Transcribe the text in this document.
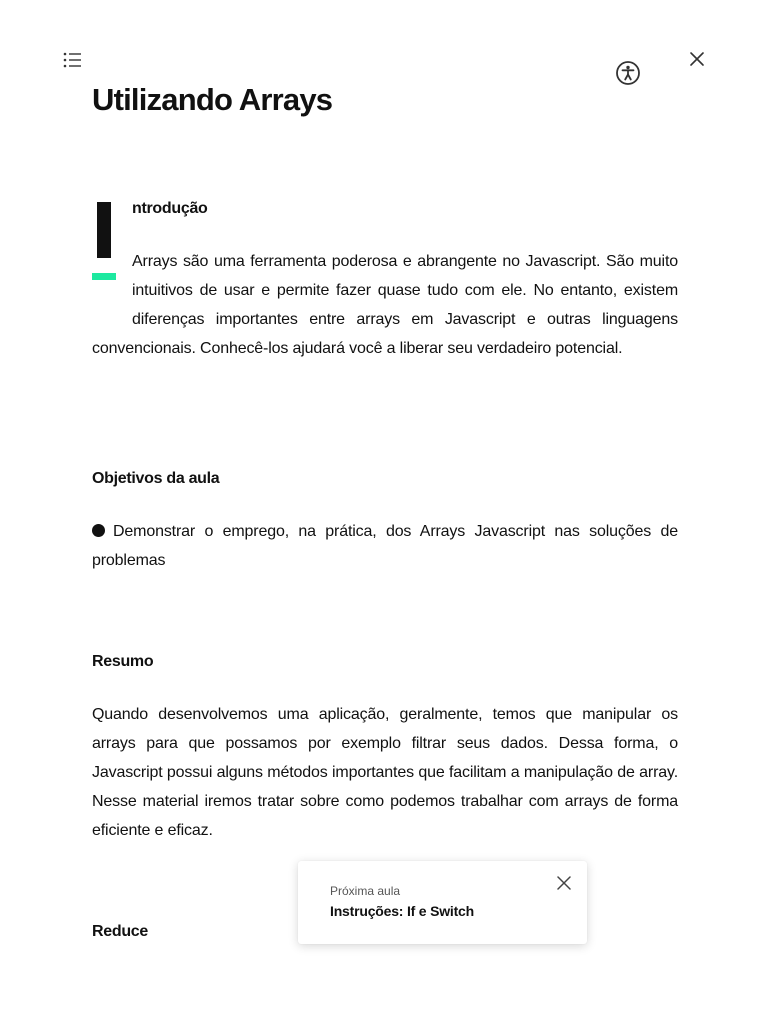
Utilizando Arrays
ntrodução

Arrays são uma ferramenta poderosa e abrangente no Javascript. São muito intuitivos de usar e permite fazer quase tudo com ele. No entanto, existem diferenças importantes entre arrays em Javascript e outras linguagens convencionais. Conhecê-los ajudará você a liberar seu verdadeiro potencial.

Objetivos da aula

Demonstrar o emprego, na prática, dos Arrays Javascript nas soluções de problemas

Resumo

Quando desenvolvemos uma aplicação, geralmente, temos que manipular os arrays para que possamos por exemplo filtrar seus dados. Dessa forma, o Javascript possui alguns métodos importantes que facilitam a manipulação de array. Nesse material iremos tratar sobre como podemos trabalhar com arrays de forma eficiente e eficaz.

Reduce
Próxima aula
Instruções: If e Switch
